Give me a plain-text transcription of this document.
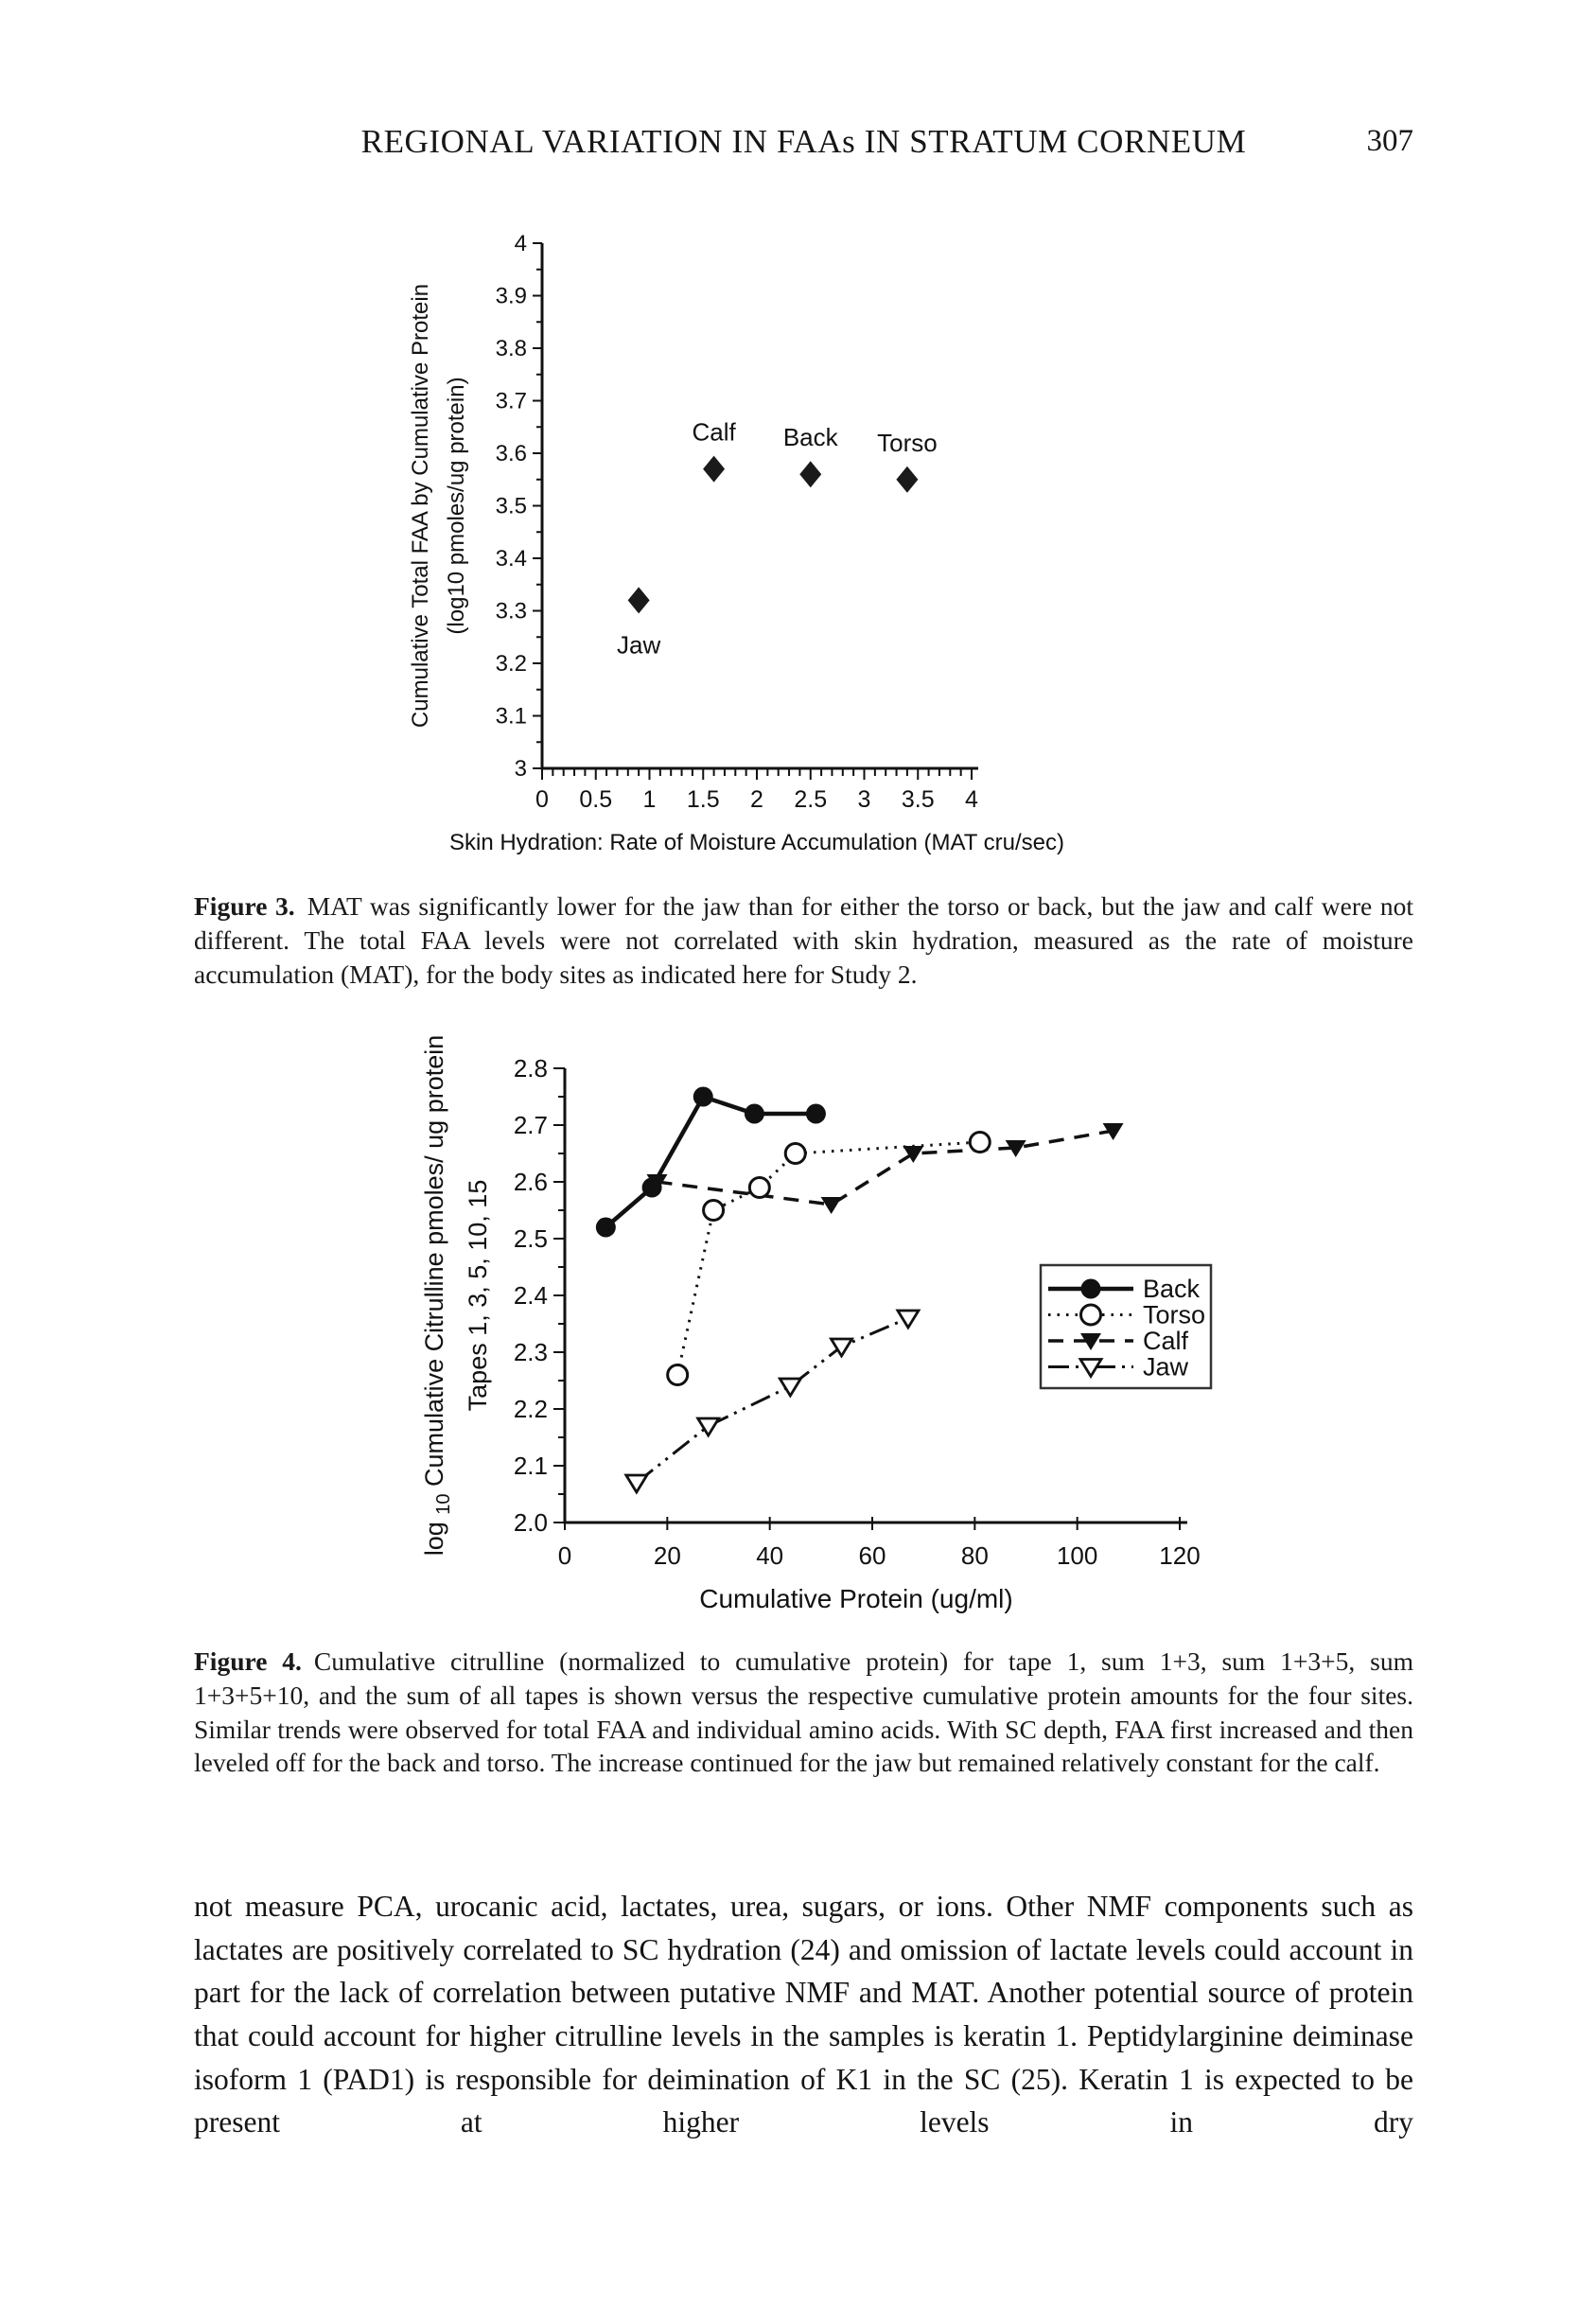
REGIONAL VARIATION IN FAAs IN STRATUM CORNEUM	307
3
3.1
3.2
3.3
3.4
3.5
3.6
3.7
3.8
3.9
4
0 0.5 1 1.5 2 2.5 3 3.5 4
Skin Hydration: Rate of Moisture Accumulation (MAT cru/sec)
Cumulative Total FAA by Cumulative Protein (log10 pmoles/ug protein)
Jaw
Calf Back Torso

Figure 3. MAT was significantly lower for the jaw than for either the torso or back, but the jaw and calf were not different. The total FAA levels were not correlated with skin hydration, measured as the rate of moisture accumulation (MAT), for the body sites as indicated here for Study 2.

2.0
2.1
2.2
2.3
2.4
2.5
2.6
2.7
2.8
0	20	40	60	80	100 120
Cumulative Protein (ug/ml)
log $_{10}$ Cumulative Citrulline pmoles/ ug protein Tapes 1, 3, 5, 10, 15	Back
Torso
Calf
Jaw

Figure 4. Cumulative citrulline (normalized to cumulative protein) for tape 1, sum 1+3, sum 1+3+5, sum 1+3+5+10, and the sum of all tapes is shown versus the respective cumulative protein amounts for the four sites. Similar trends were observed for total FAA and individual amino acids. With SC depth, FAA first increased and then leveled off for the back and torso. The increase continued for the jaw but remained relatively constant for the calf.

not measure PCA, urocanic acid, lactates, urea, sugars, or ions. Other NMF components such as lactates are positively correlated to SC hydration (24) and omission of lactate levels could account in part for the lack of correlation between putative NMF and MAT. Another potential source of protein that could account for higher citrulline levels in the samples is keratin 1. Peptidylarginine deiminase isoform 1 (PAD1) is responsible for deimination of K1 in the SC (25). Keratin 1 is expected to be present at higher levels in dry
